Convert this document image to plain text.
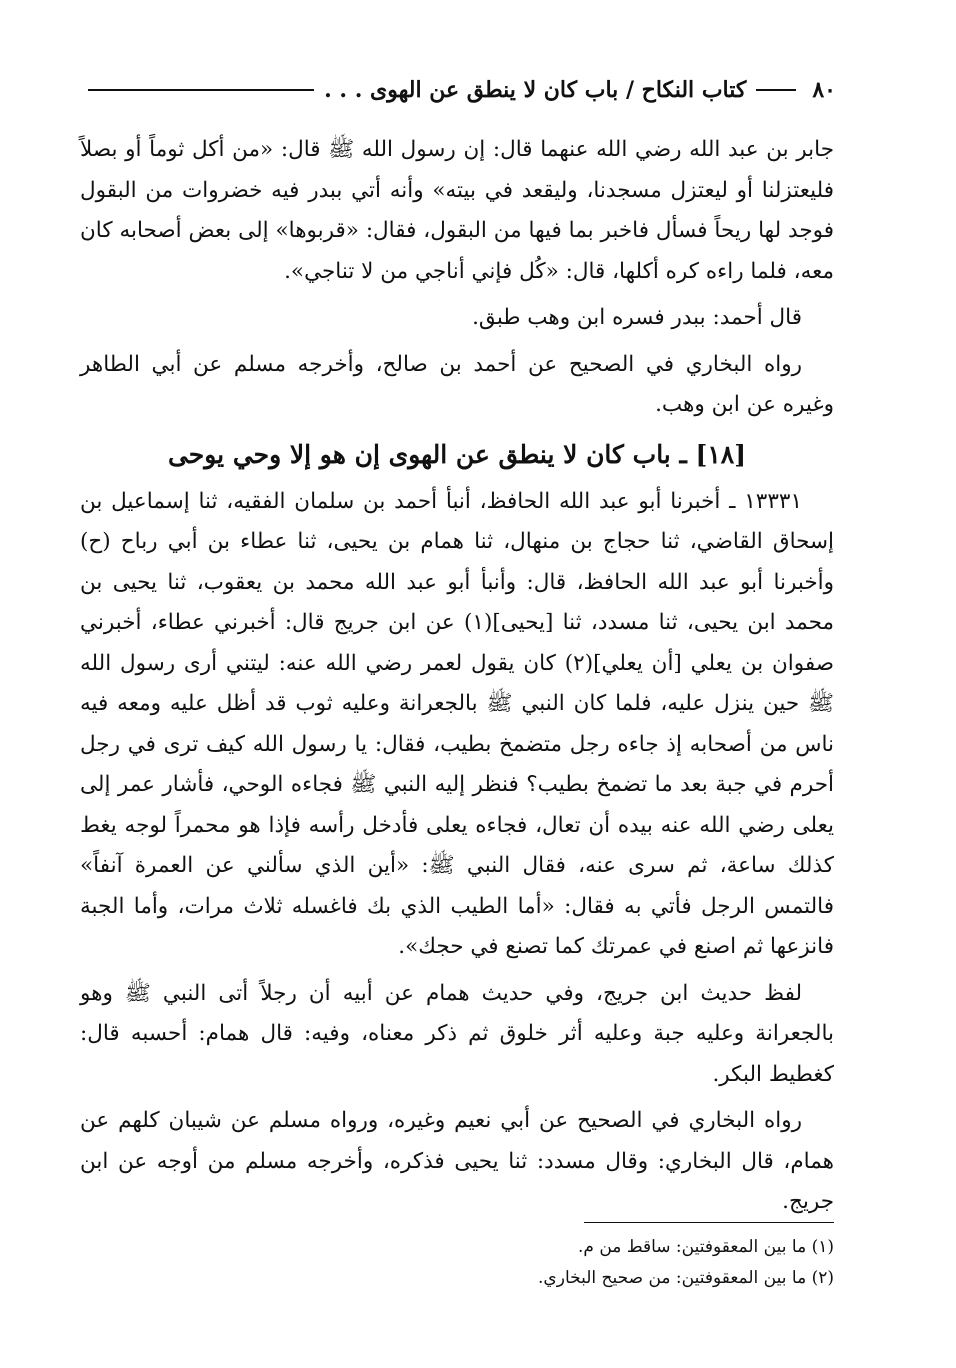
٨٠
كتاب النكاح / باب كان لا ينطق عن الهوى . . .

جابر بن عبد الله رضي الله عنهما قال: إن رسول الله ﷺ قال: «من أكل ثوماً أو بصلاً فليعتزلنا أو ليعتزل مسجدنا، وليقعد في بيته» وأنه أتي ببدر فيه خضروات من البقول فوجد لها ريحاً فسأل فاخبر بما فيها من البقول، فقال: «قربوها» إلى بعض أصحابه كان معه، فلما راءه كره أكلها، قال: «كُل فإني أناجي من لا تناجي».

قال أحمد: ببدر فسره ابن وهب طبق.

رواه البخاري في الصحيح عن أحمد بن صالح، وأخرجه مسلم عن أبي الطاهر وغيره عن ابن وهب.

[١٨] ـ باب كان لا ينطق عن الهوى إن هو إلا وحي يوحى

١٣٣٣١ ـ أخبرنا أبو عبد الله الحافظ، أنبأ أحمد بن سلمان الفقيه، ثنا إسماعيل بن إسحاق القاضي، ثنا حجاج بن منهال، ثنا همام بن يحيى، ثنا عطاء بن أبي رباح (ح) وأخبرنا أبو عبد الله الحافظ، قال: وأنبأ أبو عبد الله محمد بن يعقوب، ثنا يحيى بن محمد ابن يحيى، ثنا مسدد، ثنا [يحيى](١) عن ابن جريج قال: أخبرني عطاء، أخبرني صفوان بن يعلي [أن يعلي](٢) كان يقول لعمر رضي الله عنه: ليتني أرى رسول الله ﷺ حين ينزل عليه، فلما كان النبي ﷺ بالجعرانة وعليه ثوب قد أظل عليه ومعه فيه ناس من أصحابه إذ جاءه رجل متضمخ بطيب، فقال: يا رسول الله كيف ترى في رجل أحرم في جبة بعد ما تضمخ بطيب؟ فنظر إليه النبي ﷺ فجاءه الوحي، فأشار عمر إلى يعلى رضي الله عنه بيده أن تعال، فجاءه يعلى فأدخل رأسه فإذا هو محمراً لوجه يغط كذلك ساعة، ثم سرى عنه، فقال النبي ﷺ: «أين الذي سألني عن العمرة آنفاً» فالتمس الرجل فأتي به فقال: «أما الطيب الذي بك فاغسله ثلاث مرات، وأما الجبة فانزعها ثم اصنع في عمرتك كما تصنع في حجك».

لفظ حديث ابن جريج، وفي حديث همام عن أبيه أن رجلاً أتى النبي ﷺ وهو بالجعرانة وعليه جبة وعليه أثر خلوق ثم ذكر معناه، وفيه: قال همام: أحسبه قال: كغطيط البكر.

رواه البخاري في الصحيح عن أبي نعيم وغيره، ورواه مسلم عن شيبان كلهم عن همام، قال البخاري: وقال مسدد: ثنا يحيى فذكره، وأخرجه مسلم من أوجه عن ابن جريج.

(١) ما بين المعقوفتين: ساقط من م.

(٢) ما بين المعقوفتين: من صحيح البخاري.
